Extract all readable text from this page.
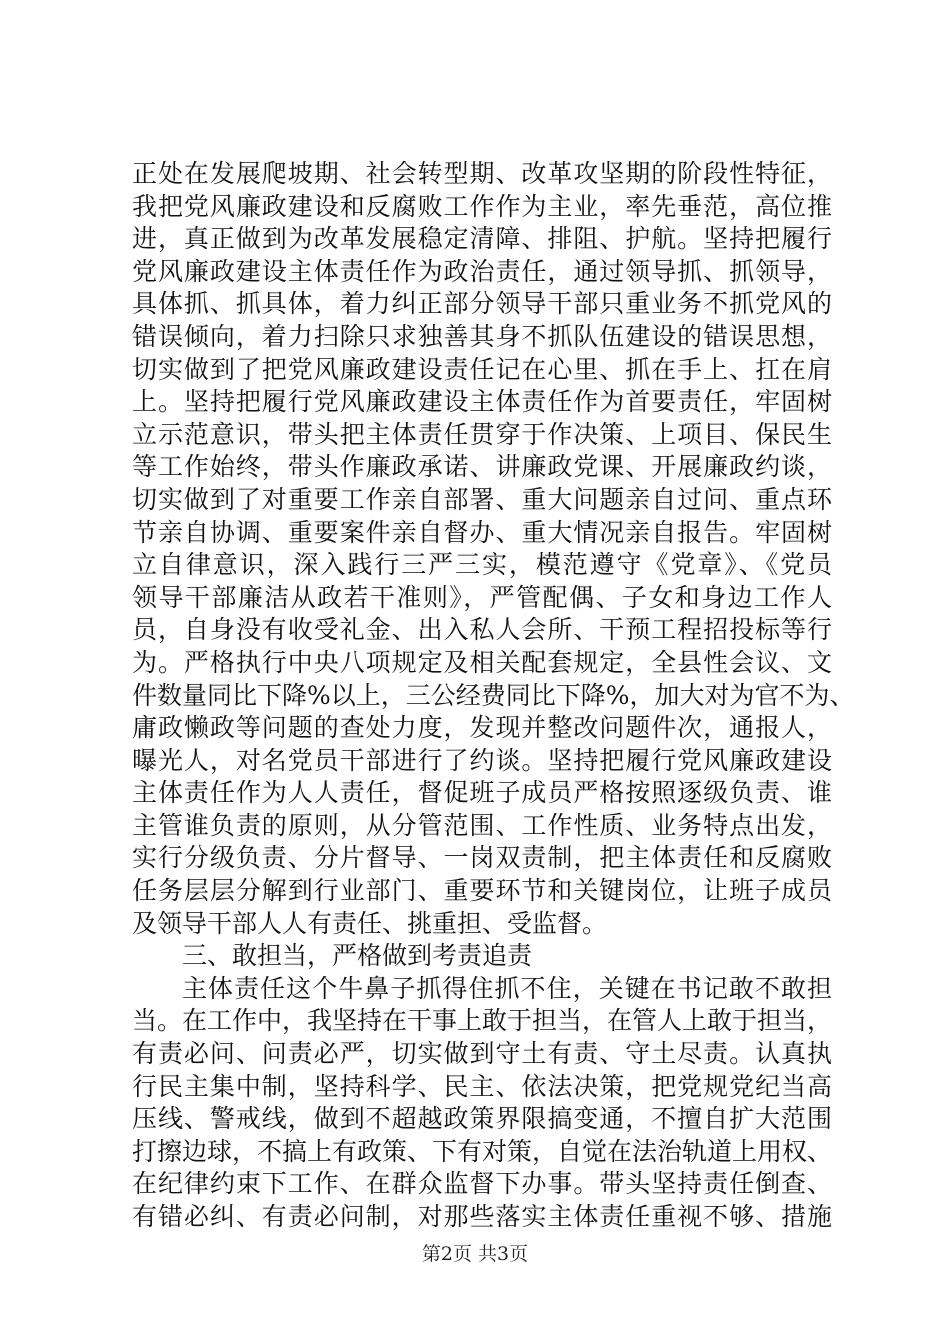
正处在发展爬坡期、社会转型期、改革攻坚期的阶段性特征，
我把党风廉政建设和反腐败工作作为主业，率先垂范，高位推
进，真正做到为改革发展稳定清障、排阻、护航。坚持把履行
党风廉政建设主体责任作为政治责任，通过领导抓、抓领导，
具体抓、抓具体，着力纠正部分领导干部只重业务不抓党风的
错误倾向，着力扫除只求独善其身不抓队伍建设的错误思想，
切实做到了把党风廉政建设责任记在心里、抓在手上、扛在肩
上。坚持把履行党风廉政建设主体责任作为首要责任，牢固树
立示范意识，带头把主体责任贯穿于作决策、上项目、保民生
等工作始终，带头作廉政承诺、讲廉政党课、开展廉政约谈，
切实做到了对重要工作亲自部署、重大问题亲自过问、重点环
节亲自协调、重要案件亲自督办、重大情况亲自报告。牢固树
立自律意识，深入践行三严三实，模范遵守《党章》、《党员
领导干部廉洁从政若干准则》，严管配偶、子女和身边工作人
员，自身没有收受礼金、出入私人会所、干预工程招投标等行
为。严格执行中央八项规定及相关配套规定，全县性会议、文
件数量同比下降%以上，三公经费同比下降%，加大对为官不为、
庸政懒政等问题的查处力度，发现并整改问题件次，通报人，
曝光人，对名党员干部进行了约谈。坚持把履行党风廉政建设
主体责任作为人人责任，督促班子成员严格按照逐级负责、谁
主管谁负责的原则，从分管范围、工作性质、业务特点出发，
实行分级负责、分片督导、一岗双责制，把主体责任和反腐败
任务层层分解到行业部门、重要环节和关键岗位，让班子成员
及领导干部人人有责任、挑重担、受监督。
三、敢担当，严格做到考责追责
主体责任这个牛鼻子抓得住抓不住，关键在书记敢不敢担
当。在工作中，我坚持在干事上敢于担当，在管人上敢于担当，
有责必问、问责必严，切实做到守土有责、守土尽责。认真执
行民主集中制，坚持科学、民主、依法决策，把党规党纪当高
压线、警戒线，做到不超越政策界限搞变通，不擅自扩大范围
打擦边球，不搞上有政策、下有对策，自觉在法治轨道上用权、
在纪律约束下工作、在群众监督下办事。带头坚持责任倒查、
有错必纠、有责必问制，对那些落实主体责任重视不够、措施
第2页 共3页
